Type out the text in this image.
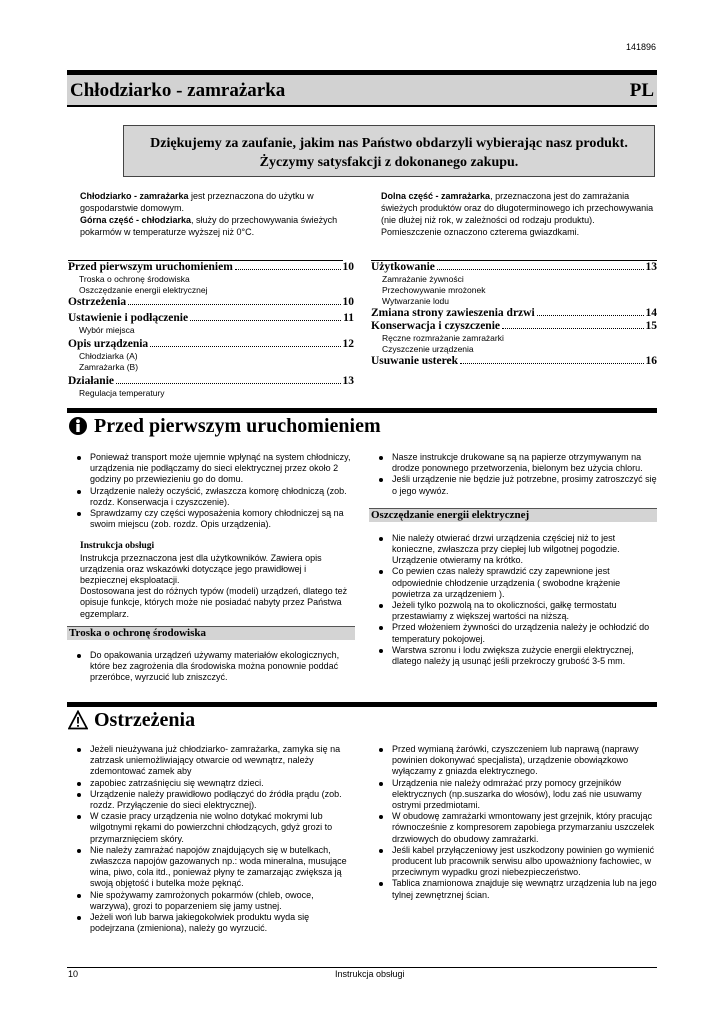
141896
Chłodziarko - zamrażarka	PL
Dziękujemy za zaufanie, jakim nas Państwo obdarzyli wybierając nasz produkt.
Życzymy satysfakcji z dokonanego zakupu.
Chłodziarko - zamrażarka jest przeznaczona do użytku w gospodarstwie domowym.
Górna część - chłodziarka, służy do przechowywania świeżych pokarmów w temperaturze wyższej niż 0°C.
Dolna część - zamrażarka, przeznaczona jest do zamrażania świeżych produktów oraz do długoterminowego ich przechowywania (nie dłużej niż rok, w zależności od rodzaju produktu). Pomieszczenie oznaczono czterema gwiazdkami.
Przed pierwszym uruchomieniem	10
Troska o ochronę środowiska
Oszczędzanie energii elektrycznej
Ostrzeżenia	10
Ustawienie i podłączenie	11
Wybór miejsca
Opis urządzenia	12
Chłodziarka (A)
Zamrażarka (B)
Działanie	13
Regulacja temperatury
Użytkowanie	13
Zamrażanie żywności
Przechowywanie mrożonek
Wytwarzanie lodu
Zmiana strony zawieszenia drzwi	14
Konserwacja i czyszczenie	15
Ręczne rozmrażanie zamrażarki
Czyszczenie urządzenia
Usuwanie usterek	16
Przed pierwszym uruchomieniem
Ponieważ transport może ujemnie wpłynąć na system chłodniczy, urządzenia nie podłączamy do sieci elektrycznej przez około 2 godziny po przewiezieniu go do domu.
Urządzenie należy oczyścić, zwłaszcza komorę chłodniczą (zob. rozdz. Konserwacja i czyszczenie).
Sprawdzamy czy części wyposażenia komory chłodniczej są na swoim miejscu (zob. rozdz. Opis urządzenia).
Instrukcja obsługi
Instrukcja przeznaczona jest dla użytkowników. Zawiera opis urządzenia oraz wskazówki dotyczące jego prawidłowej i bezpiecznej eksploatacji.
Dostosowana jest do różnych typów (modeli) urządzeń, dlatego też opisuje funkcje, których może nie posiadać nabyty przez Państwa egzemplarz.
Troska o ochronę środowiska
Do opakowania urządzeń używamy materiałów ekologicznych, które bez zagrożenia dla środowiska można ponownie poddać przeróbce, wyrzucić lub zniszczyć.
Nasze instrukcje drukowane są na papierze otrzymywanym na drodze ponownego przetworzenia, bielonym bez użycia chloru.
Jeśli urządzenie nie będzie już potrzebne, prosimy zatroszczyć się o jego wywóz.
Oszczędzanie energii elektrycznej
Nie należy otwierać drzwi urządzenia częściej niż to jest konieczne, zwłaszcza przy ciepłej lub wilgotnej pogodzie. Urządzenie otwieramy na krótko.
Co pewien czas należy sprawdzić czy zapewnione jest odpowiednie chłodzenie urządzenia ( swobodne krążenie powietrza za urządzeniem ).
Jeżeli tylko pozwolą na to okoliczności, gałkę termostatu przestawiamy z większej wartości na niższą.
Przed włożeniem żywności do urządzenia należy je ochłodzić do temperatury pokojowej.
Warstwa szronu i lodu zwiększa zużycie energii elektrycznej, dlatego należy ją usunąć jeśli przekroczy grubość 3-5 mm.
Ostrzeżenia
Jeżeli nieużywana już chłodziarko- zamrażarka, zamyka się na zatrzask uniemożliwiający otwarcie od wewnątrz, należy zdemontować zamek aby
zapobiec zatrzaśnięciu się wewnątrz dzieci.
Urządzenie należy prawidłowo podłączyć do źródła prądu (zob. rozdz. Przyłączenie do sieci elektrycznej).
W czasie pracy urządzenia nie wolno dotykać mokrymi lub wilgotnymi rękami do powierzchni chłodzących, gdyż grozi to przymarznięciem skóry.
Nie należy zamrażać napojów znajdujących się w butelkach, zwłaszcza napojów gazowanych np.: woda mineralna, musujące wina, piwo, cola itd., ponieważ płyny te zamarzając zwiększa ją swoją objętość i butelka może pęknąć.
Nie spożywamy zamrożonych pokarmów (chleb, owoce, warzywa), grozi to poparzeniem się jamy ustnej.
Jeżeli woń lub barwa jakiegokolwiek produktu wyda się podejrzana (zmieniona), należy go wyrzucić.
Przed wymianą żarówki, czyszczeniem lub naprawą (naprawy powinien dokonywać specjalista), urządzenie obowiązkowo wyłączamy z gniazda elektrycznego.
Urządzenia nie należy odmrażać przy pomocy grzejników elektrycznych (np.suszarka do włosów), lodu zaś nie usuwamy ostrymi przedmiotami.
W obudowę zamrażarki wmontowany jest grzejnik, który pracując równocześnie z kompresorem zapobiega przymarzaniu uszczelek drzwiowych do obudowy zamrażarki.
Jeśli kabel przyłączeniowy jest uszkodzony powinien go wymienić producent lub pracownik serwisu albo upoważniony fachowiec, w przeciwnym wypadku grozi niebezpieczeństwo.
Tablica znamionowa znajduje się wewnątrz urządzenia lub na jego tylnej zewnętrznej ścian.
10	Instrukcja obsługi
